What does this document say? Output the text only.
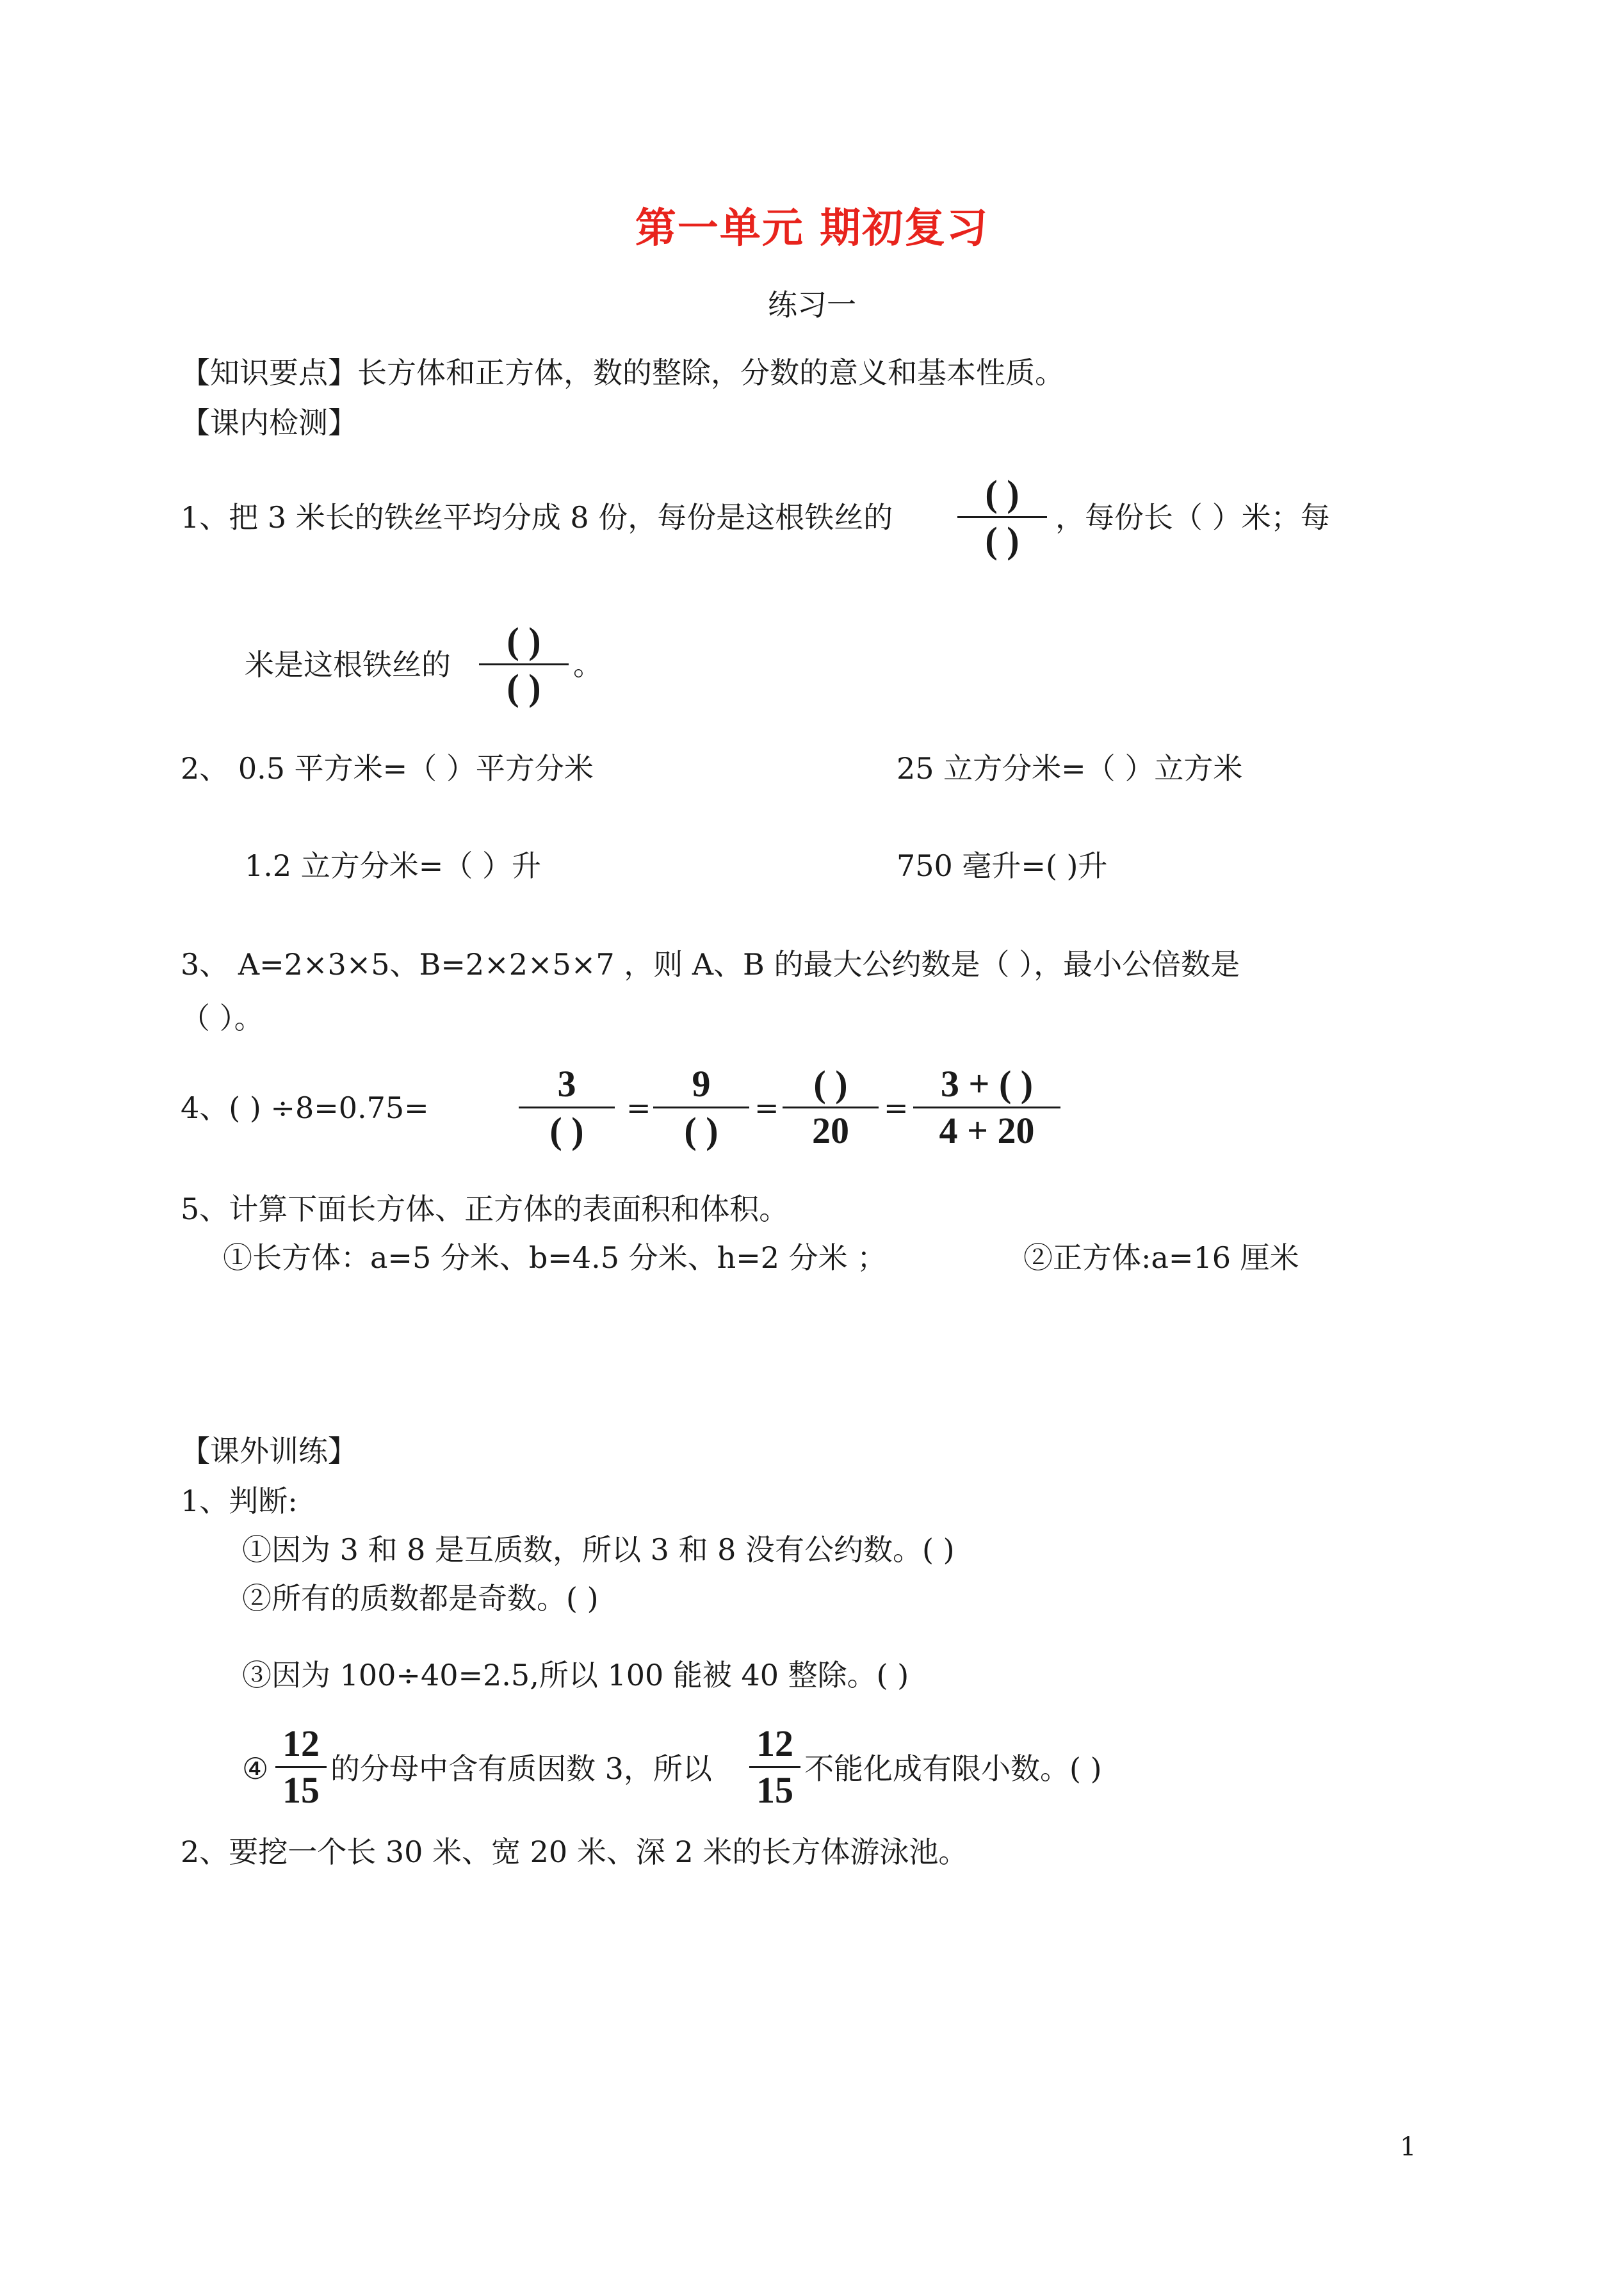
第一单元 期初复习
练习一
【知识要点】长方体和正方体，数的整除，分数的意义和基本性质。
【课内检测】
1、把 3 米长的铁丝平均分成 8 份，每份是这根铁丝的
( )
( )
，每份长（ ）米；每
米是这根铁丝的
( )
( )
。
2、 0.5 平方米=（ ）平方分米	25 立方分米=（ ）立方米
1.2 立方分米=（ ）升	750 毫升=( )升
3、 A=2×3×5、B=2×2×5×7 ，则 A、B 的最大公约数是（ ），最小公倍数是
（ ）。
4、( ) ÷8=0.75=
3
( )
=
9
( )
=
( )
20
=
3 + ( )
4 + 20
5、计算下面长方体、正方体的表面积和体积。
①长方体：a=5 分米、b=4.5 分米、h=2 分米 ；	②正方体:a=16 厘米
【课外训练】
1、判断:
①因为 3 和 8 是互质数，所以 3 和 8 没有公约数。( )
②所有的质数都是奇数。( )
③因为 100÷40=2.5,所以 100 能被 40 整除。( )
④
12
15
的分母中含有质因数 3，所以
12
15
不能化成有限小数。( )
2、要挖一个长 30 米、宽 20 米、深 2 米的长方体游泳池。
1
